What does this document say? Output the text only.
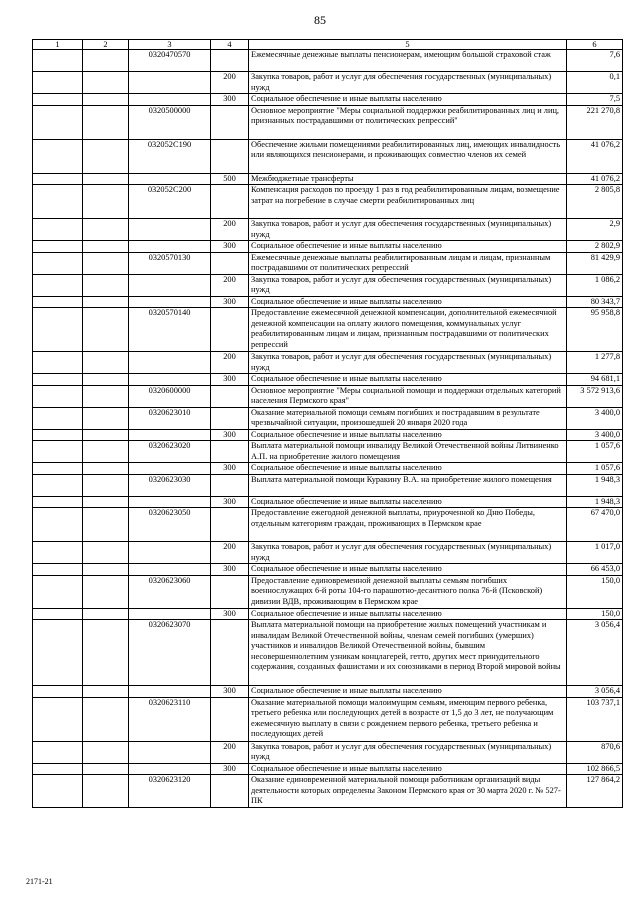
85
1	2	3	4	5	6
		0320470570		Ежемесячные денежные выплаты пенсионерам, имеющим большой страховой стаж	7,6
			200	Закупка товаров, работ и услуг для обеспечения государственных (муниципальных) нужд	0,1
			300	Социальное обеспечение и иные выплаты населению	7,5
		0320500000		Основное мероприятие "Меры социальной поддержки реабилитированных лиц и лиц, признанных пострадавшими от политических репрессий"	221 270,8
		032052С190		Обеспечение жильми помещениями реабилитированных лиц, имеющих инвалидность или являющихся пенсионерами, и проживающих совместно членов их семей	41 076,2
			500	Межбюджетные трансферты	41 076,2
		032052С200		Компенсация расходов по проезду 1 раз в год реабилитированным лицам, возмещение затрат на погребение в случае смерти реабилитированных лиц	2 805,8
			200	Закупка товаров, работ и услуг для обеспечения государственных (муниципальных) нужд	2,9
			300	Социальное обеспечение и иные выплаты населению	2 802,9
		0320570130		Ежемесячные денежные выплаты реабилитированным лицам и лицам, признанным пострадавшими от политических репрессий	81 429,9
			200	Закупка товаров, работ и услуг для обеспечения государственных (муниципальных) нужд	1 086,2
			300	Социальное обеспечение и иные выплаты населению	80 343,7
		0320570140		Предоставление ежемесячной денежной компенсации, дополнительной ежемесячной денежной компенсации на оплату жилого помещения, коммунальных услуг реабилитированным лицам и лицам, признанным пострадавшими от политических репрессий	95 958,8
			200	Закупка товаров, работ и услуг для обеспечения государственных (муниципальных) нужд	1 277,8
			300	Социальное обеспечение и иные выплаты населению	94 681,1
		0320600000		Основное мероприятие "Меры социальной помощи и поддержки отдельных категорий населения Пермского края"	3 572 913,6
		0320623010		Оказание материальной помощи семьям погибших и пострадавшим в результате чрезвычайной ситуации, произошедшей 20 января 2020 года	3 400,0
			300	Социальное обеспечение и иные выплаты населению	3 400,0
		0320623020		Выплата материальной помощи инвалиду Великой Отечественной войны Литвиненко А.П. на приобретение жилого помещения	1 057,6
			300	Социальное обеспечение и иные выплаты населению	1 057,6
		0320623030		Выплата материальной помощи Куракину В.А. на приобретение жилого помещения	1 948,3
			300	Социальное обеспечение и иные выплаты населению	1 948,3
		0320623050		Предоставление ежегодной денежной выплаты, приуроченной ко Дню Победы, отдельным категориям граждан, проживающих в Пермском крае	67 470,0
			200	Закупка товаров, работ и услуг для обеспечения государственных (муниципальных) нужд	1 017,0
			300	Социальное обеспечение и иные выплаты населению	66 453,0
		0320623060		Предоставление единовременной денежной выплаты семьям погибших военнослужащих 6-й роты 104-го парашютно-десантного полка 76-й (Псковской) дивизии ВДВ, проживающим в Пермском крае	150,0
			300	Социальное обеспечение и иные выплаты населению	150,0
		0320623070		Выплата материальной помощи на приобретение жилых помещений участникам и инвалидам Великой Отечественной войны, членам семей погибших (умерших) участников и инвалидов Великой Отечественной войны, бывшим несовершеннолетним узникам концлагерей, гетто, других мест принудительного содержания, созданных фашистами и их союзниками в период Второй мировой войны	3 056,4
			300	Социальное обеспечение и иные выплаты населению	3 056,4
		0320623110		Оказание материальной помощи малоимущим семьям, имеющим первого ребенка, третьего ребенка или последующих детей в возрасте от 1,5 до 3 лет, не получающим ежемесячную выплату в связи с рождением первого ребенка, третьего ребенка и последующих детей	103 737,1
			200	Закупка товаров, работ и услуг для обеспечения государственных (муниципальных) нужд	870,6
			300	Социальное обеспечение и иные выплаты населению	102 866,5
		0320623120		Оказание единовременной материальной помощи работникам организаций виды деятельности которых определены Законом Пермского края от 30 марта 2020 г. № 527-ПК	127 864,2
2171-21
